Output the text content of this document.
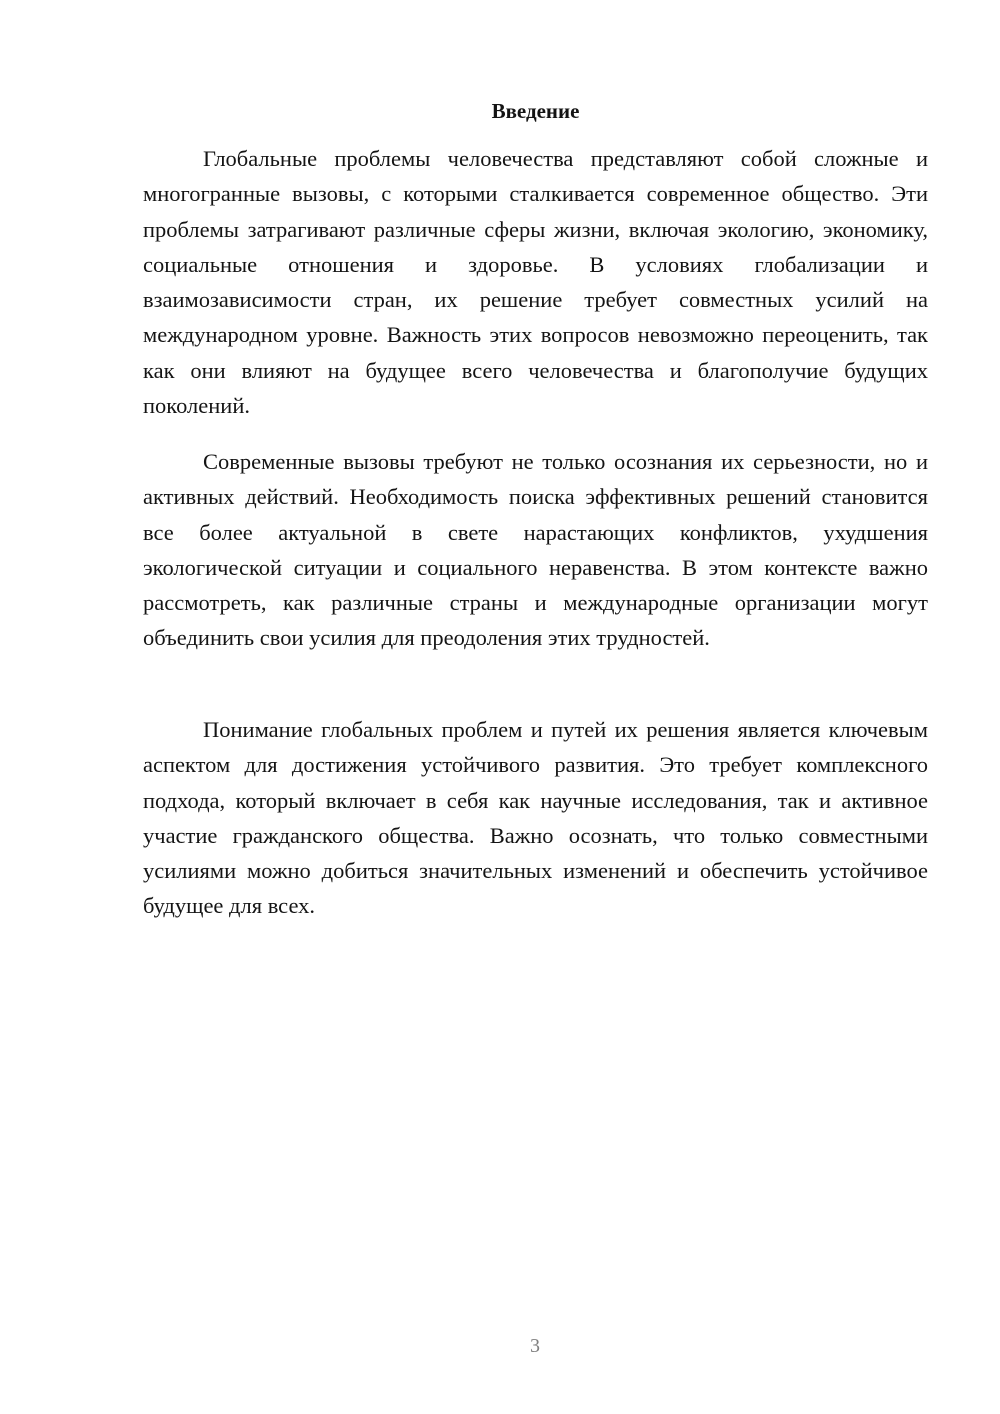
Введение

Глобальные проблемы человечества представляют собой сложные и многогранные вызовы, с которыми сталкивается современное общество. Эти проблемы затрагивают различные сферы жизни, включая экологию, экономику, социальные отношения и здоровье. В условиях глобализации и взаимозависимости стран, их решение требует совместных усилий на международном уровне. Важность этих вопросов невозможно переоценить, так как они влияют на будущее всего человечества и благополучие будущих поколений.

Современные вызовы требуют не только осознания их серьезности, но и активных действий. Необходимость поиска эффективных решений становится все более актуальной в свете нарастающих конфликтов, ухудшения экологической ситуации и социального неравенства. В этом контексте важно рассмотреть, как различные страны и международные организации могут объединить свои усилия для преодоления этих трудностей.

Понимание глобальных проблем и путей их решения является ключевым аспектом для достижения устойчивого развития. Это требует комплексного подхода, который включает в себя как научные исследования, так и активное участие гражданского общества. Важно осознать, что только совместными усилиями можно добиться значительных изменений и обеспечить устойчивое будущее для всех.

3
